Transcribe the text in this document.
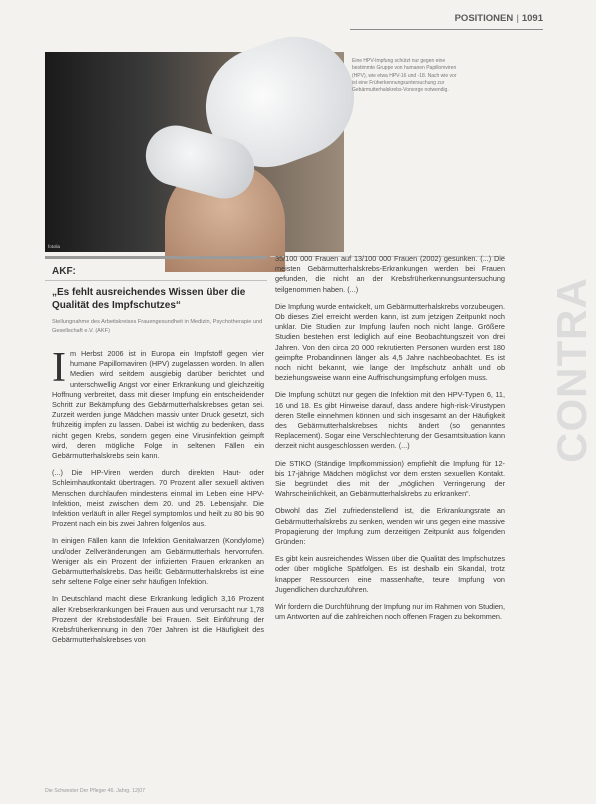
POSITIONEN | 1091
fotolia
Eine HPV-Impfung schützt nur gegen eine bestimmte Gruppe von humanen Papillomviren (HPV), wie etwa HPV-16 und -18. Nach wie vor ist eine Früherkennungsuntersuchung zur Gebärmutterhalskrebs-Vorsorge notwendig.
AKF:
„Es fehlt ausreichendes Wissen über die Qualität des Impfschutzes“
Stellungnahme des Arbeitskreises Frauengesundheit in Medizin, Psychotherapie und Gesellschaft e.V. (AKF)

Im Herbst 2006 ist in Europa ein Impfstoff gegen vier humane Papillomaviren (HPV) zugelassen worden. In allen Medien wird seitdem ausgiebig darüber berichtet und unterschwellig Angst vor einer Erkrankung und gleichzeitig Hoffnung verbreitet, dass mit dieser Impfung ein entscheidender Schritt zur Bekämpfung des Gebärmutterhalskrebses getan sei. Zurzeit werden junge Mädchen massiv unter Druck gesetzt, sich frühzeitig impfen zu lassen. Dabei ist wichtig zu bedenken, dass nicht gegen Krebs, sondern gegen eine Virusinfektion geimpft wird, deren mögliche Folge in seltenen Fällen ein Gebärmutterhalskrebs sein kann.

(...) Die HP-Viren werden durch direkten Haut- oder Schleimhautkontakt übertragen. 70 Prozent aller sexuell aktiven Menschen durchlaufen mindestens einmal im Leben eine HPV-Infektion, meist zwischen dem 20. und 25. Lebensjahr. Die Infektion verläuft in aller Regel symptomlos und heilt zu 80 bis 90 Prozent nach ein bis zwei Jahren folgenlos aus.

In einigen Fällen kann die Infektion Genitalwarzen (Kondylome) und/oder Zellveränderungen am Gebärmutterhals hervorrufen. Weniger als ein Prozent der infizierten Frauen erkranken an Gebärmutterhalskrebs. Das heißt: Gebärmutterhalskrebs ist eine sehr seltene Folge einer sehr häufigen Infektion.

In Deutschland macht diese Erkrankung lediglich 3,16 Prozent aller Krebserkrankungen bei Frauen aus und verursacht nur 1,78 Prozent der Krebstodesfälle bei Frauen. Seit Einführung der Krebsfrüherkennung in den 70er Jahren ist die Häufigkeit des Gebärmutterhalskrebses von

35/100 000 Frauen auf 13/100 000 Frauen (2002) gesunken. (...) Die meisten Gebärmutterhalskrebs-Erkrankungen werden bei Frauen gefunden, die nicht an der Krebsfrüherkennungsuntersuchung teilgenommen haben. (...)

Die Impfung wurde entwickelt, um Gebärmutterhalskrebs vorzubeugen. Ob dieses Ziel erreicht werden kann, ist zum jetzigen Zeitpunkt noch unklar. Die Studien zur Impfung laufen noch nicht lange. Größere Studien bestehen erst lediglich auf eine Beobachtungszeit von drei Jahren. Von den circa 20 000 rekrutierten Personen wurden erst 180 geimpfte Probandinnen länger als 4,5 Jahre nachbeobachtet. Es ist noch nicht bekannt, wie lange der Impfschutz anhält und ob beziehungsweise wann eine Auffrischungsimpfung erfolgen muss.

Die Impfung schützt nur gegen die Infektion mit den HPV-Typen 6, 11, 16 und 18. Es gibt Hinweise darauf, dass andere high-risk-Virustypen deren Stelle einnehmen können und sich insgesamt an der Häufigkeit des Gebärmutterhalskrebses nichts ändert (so genanntes Replacement). Sogar eine Verschlechterung der Gesamtsituation kann derzeit nicht ausgeschlossen werden. (...)

Die STIKO (Ständige Impfkommission) empfiehlt die Impfung für 12- bis 17-jährige Mädchen möglichst vor dem ersten sexuellen Kontakt. Sie begründet dies mit der „möglichen Verringerung der Wahrscheinlichkeit, an Gebärmutterhalskrebs zu erkranken“.

Obwohl das Ziel zufriedenstellend ist, die Erkrankungsrate an Gebärmutterhalskrebs zu senken, wenden wir uns gegen eine massive Propagierung der Impfung zum derzeitigen Zeitpunkt aus folgenden Gründen:

Es gibt kein ausreichendes Wissen über die Qualität des Impfschutzes oder über mögliche Spätfolgen. Es ist deshalb ein Skandal, trotz knapper Ressourcen eine massenhafte, teure Impfung von Jugendlichen durchzuführen.

Wir fordern die Durchführung der Impfung nur im Rahmen von Studien, um Antworten auf die zahlreichen noch offenen Fragen zu bekommen.

CONTRA
Die Schwester Der Pfleger 46. Jahrg. 12|07
